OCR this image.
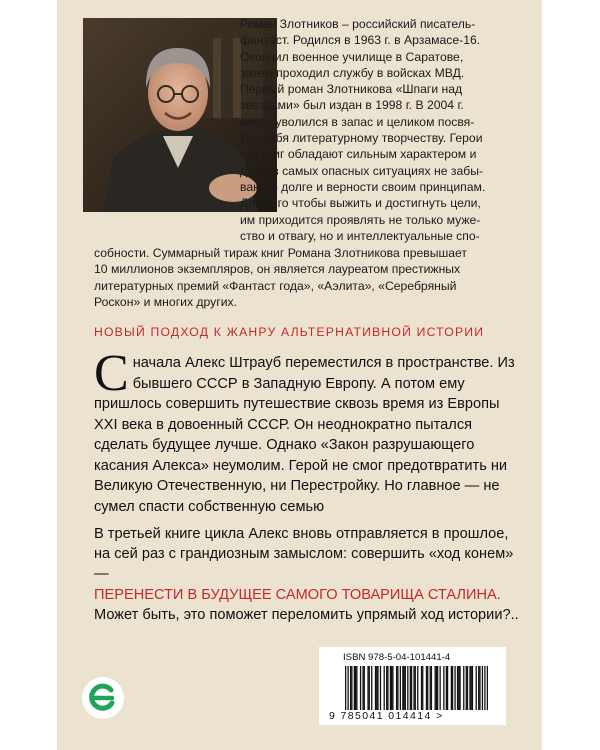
Роман Злотников – российский писатель-
фантаст. Родился в 1963 г. в Арзамасе-16.
Окончил военное училище в Саратове,
затем проходил службу в войсках МВД.
Первый роман Злотникова «Шпаги над
звездами» был издан в 1998 г. В 2004 г.
автор уволился в запас и целиком посвя-
тил себя литературному творчеству. Герои
его книг обладают сильным характером и
даже в самых опасных ситуациях не забы-
вают о долге и верности своим принципам.
Для того чтобы выжить и достигнуть цели,
им приходится проявлять не только муже-
ство и отвагу, но и интеллектуальные спо-
собности. Суммарный тираж книг Романа Злотникова превышает
10 миллионов экземпляров, он является лауреатом престижных
литературных премий «Фантаст года», «Аэлита», «Серебряный
Роскон» и многих других.

НОВЫЙ ПОДХОД К ЖАНРУ АЛЬТЕРНАТИВНОЙ ИСТОРИИ

Сначала Алекс Штрауб переместился в пространстве. Из бывшего СССР в Западную Европу. А потом ему пришлось совершить путешествие сквозь время из Европы XXI века в довоенный СССР. Он неоднократно пытался сделать будущее лучше. Однако «Закон разрушающего касания Алекса» неумолим. Герой не смог предотвратить ни Великую Отечественную, ни Перестройку. Но главное — не сумел спасти собственную семью
В третьей книге цикла Алекс вновь отправляется в прошлое, на сей раз с грандиозным замыслом: совершить «ход конем» —
ПЕРЕНЕСТИ В БУДУЩЕЕ САМОГО ТОВАРИЩА СТАЛИНА.
Может быть, это поможет переломить упрямый ход истории?..
ISBN 978-5-04-101441-4
9 785041 014414 >
